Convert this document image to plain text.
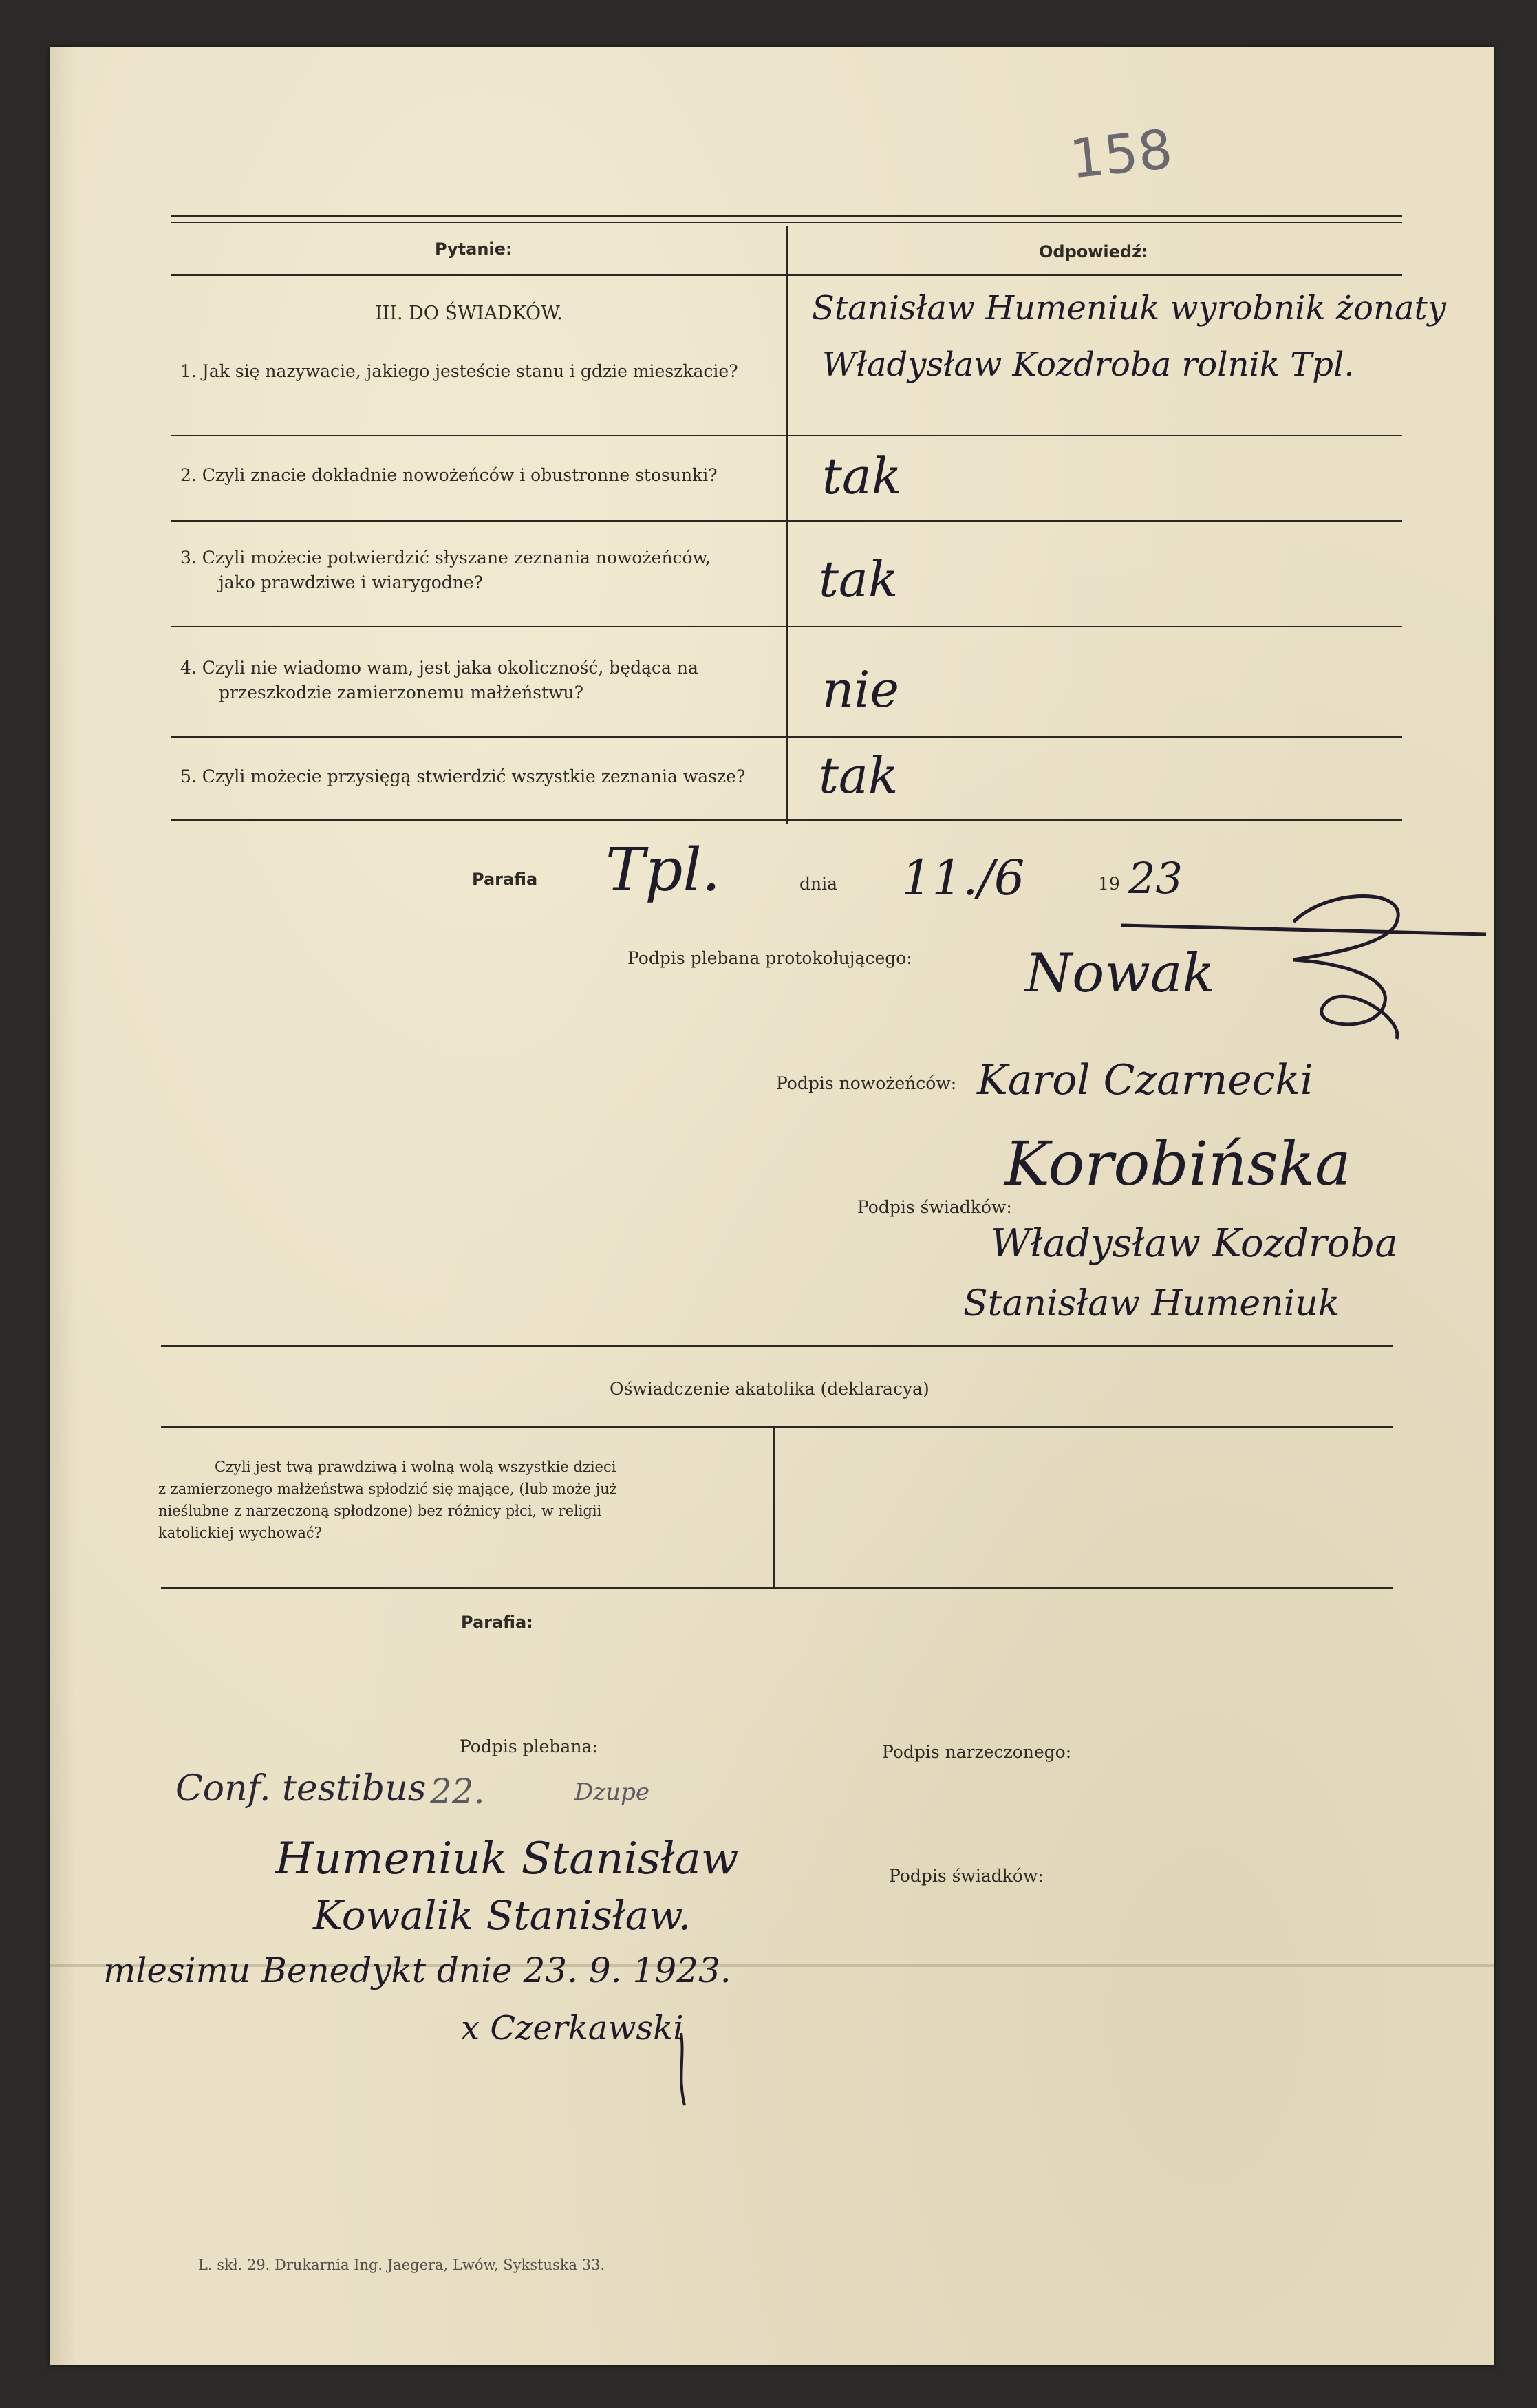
158
Pytanie:	Odpowiedź:
III. DO ŚWIADKÓW.
1. Jak się nazywacie, jakiego jesteście stanu i gdzie mieszkacie?
Stanisław Humeniuk wyrobnik żonaty
Władysław Kozdroba rolnik Tpl.
2. Czyli znacie dokładnie nowożeńców i obustronne stosunki? tak
3. Czyli możecie potwierdzić słyszane zeznania nowożeńców,
jako prawdziwe i wiarygodne?	tak
4. Czyli nie wiadomo wam, jest jaka okoliczność, będąca na
przeszkodzie zamierzonemu małżeństwu?	nie
5. Czyli możecie przysięgą stwierdzić wszystkie zeznania wasze? tak
Parafia Tpl.	dnia 11./6	19 23
Podpis plebana protokołującego: Nowak
Podpis nowożeńców: Karol Czarnecki
Korobińska
Podpis świadków:
Władysław Kozdroba
Stanisław Humeniuk
Oświadczenie akatolika (deklaracya)
Czyli jest twą prawdziwą i wolną wolą wszystkie dzieci
z zamierzonego małżeństwa spłodzić się mające, (lub może już
nieślubne z narzeczoną spłodzone) bez różnicy płci, w religii
katolickiej wychować?
Parafia:
Podpis plebana:	Podpis narzeczonego:
Podpis świadków:
Conf. testibus 22.	Dzupe
Humeniuk Stanisław
Kowalik Stanisław.
mlesimu Benedykt dnie 23. 9. 1923.
x Czerkawski
L. skł. 29. Drukarnia Ing. Jaegera, Lwów, Sykstuska 33.
